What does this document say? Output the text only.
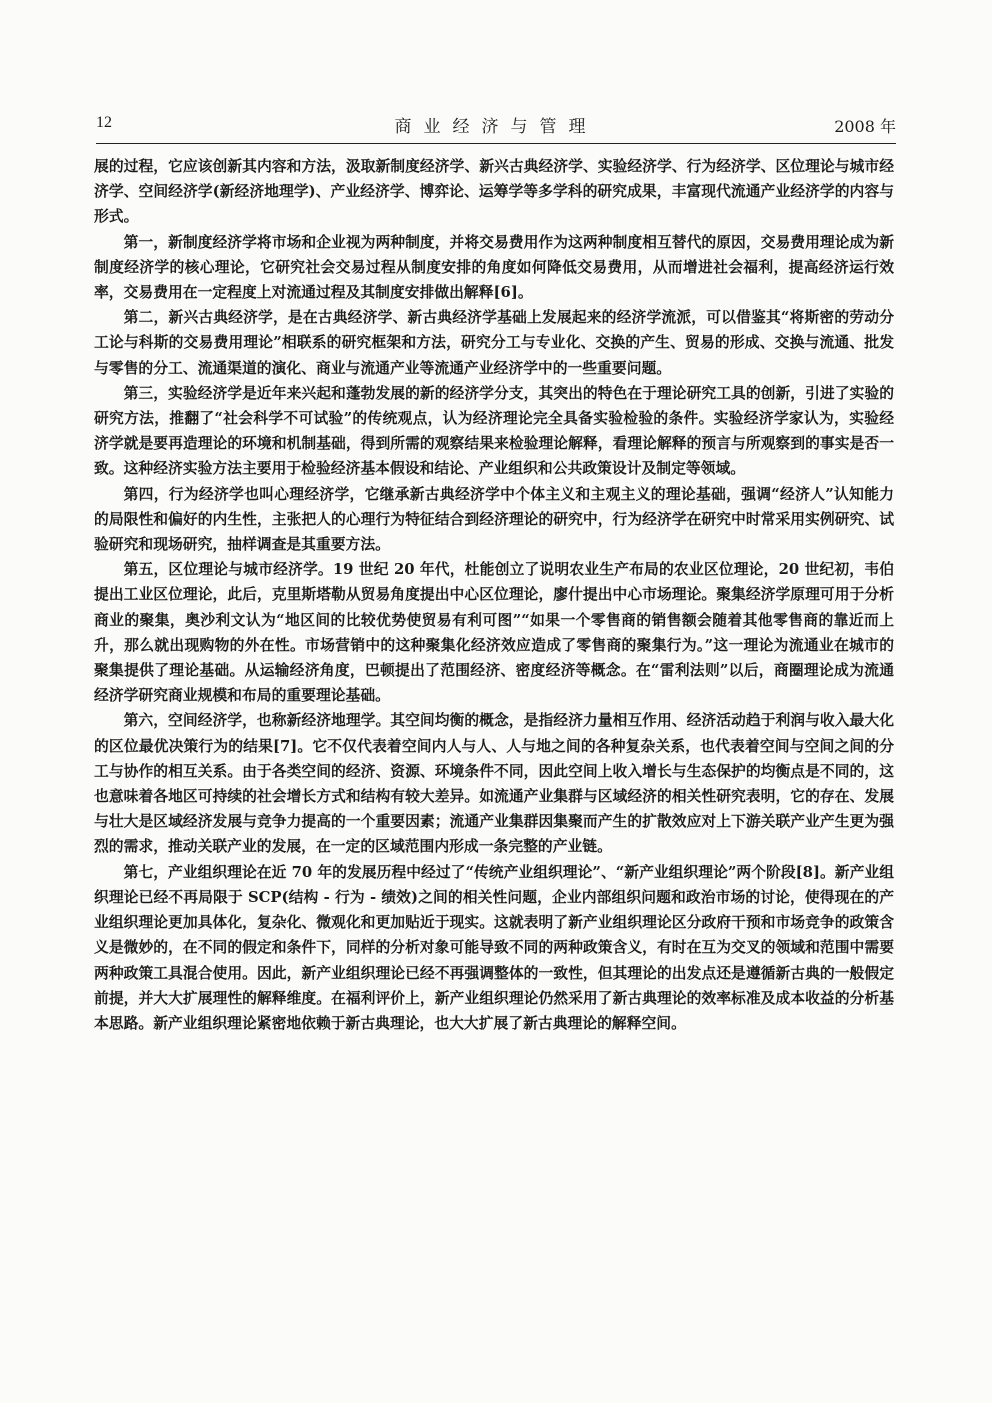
12	商业经济与管理	2008 年

展的过程，它应该创新其内容和方法，汲取新制度经济学、新兴古典经济学、实验经济学、行为经济学、区位理论与城市经济学、空间经济学(新经济地理学)、产业经济学、博弈论、运筹学等多学科的研究成果，丰富现代流通产业经济学的内容与形式。

第一，新制度经济学将市场和企业视为两种制度，并将交易费用作为这两种制度相互替代的原因，交易费用理论成为新制度经济学的核心理论，它研究社会交易过程从制度安排的角度如何降低交易费用，从而增进社会福利，提高经济运行效率，交易费用在一定程度上对流通过程及其制度安排做出解释[6]。

第二，新兴古典经济学，是在古典经济学、新古典经济学基础上发展起来的经济学流派，可以借鉴其“将斯密的劳动分工论与科斯的交易费用理论”相联系的研究框架和方法，研究分工与专业化、交换的产生、贸易的形成、交换与流通、批发与零售的分工、流通渠道的演化、商业与流通产业等流通产业经济学中的一些重要问题。

第三，实验经济学是近年来兴起和蓬勃发展的新的经济学分支，其突出的特色在于理论研究工具的创新，引进了实验的研究方法，推翻了“社会科学不可试验”的传统观点，认为经济理论完全具备实验检验的条件。实验经济学家认为，实验经济学就是要再造理论的环境和机制基础，得到所需的观察结果来检验理论解释，看理论解释的预言与所观察到的事实是否一致。这种经济实验方法主要用于检验经济基本假设和结论、产业组织和公共政策设计及制定等领域。

第四，行为经济学也叫心理经济学，它继承新古典经济学中个体主义和主观主义的理论基础，强调“经济人”认知能力的局限性和偏好的内生性，主张把人的心理行为特征结合到经济理论的研究中，行为经济学在研究中时常采用实例研究、试验研究和现场研究，抽样调查是其重要方法。

第五，区位理论与城市经济学。19 世纪 20 年代，杜能创立了说明农业生产布局的农业区位理论，20 世纪初，韦伯提出工业区位理论，此后，克里斯塔勒从贸易角度提出中心区位理论，廖什提出中心市场理论。聚集经济学原理可用于分析商业的聚集，奥沙利文认为“地区间的比较优势使贸易有利可图”“如果一个零售商的销售额会随着其他零售商的靠近而上升，那么就出现购物的外在性。市场营销中的这种聚集化经济效应造成了零售商的聚集行为。”这一理论为流通业在城市的聚集提供了理论基础。从运输经济角度，巴顿提出了范围经济、密度经济等概念。在“雷利法则”以后，商圈理论成为流通经济学研究商业规模和布局的重要理论基础。

第六，空间经济学，也称新经济地理学。其空间均衡的概念，是指经济力量相互作用、经济活动趋于利润与收入最大化的区位最优决策行为的结果[7]。它不仅代表着空间内人与人、人与地之间的各种复杂关系，也代表着空间与空间之间的分工与协作的相互关系。由于各类空间的经济、资源、环境条件不同，因此空间上收入增长与生态保护的均衡点是不同的，这也意味着各地区可持续的社会增长方式和结构有较大差异。如流通产业集群与区域经济的相关性研究表明，它的存在、发展与壮大是区域经济发展与竞争力提高的一个重要因素；流通产业集群因集聚而产生的扩散效应对上下游关联产业产生更为强烈的需求，推动关联产业的发展，在一定的区域范围内形成一条完整的产业链。

第七，产业组织理论在近 70 年的发展历程中经过了“传统产业组织理论”、“新产业组织理论”两个阶段[8]。新产业组织理论已经不再局限于 SCP(结构 - 行为 - 绩效)之间的相关性问题，企业内部组织问题和政治市场的讨论，使得现在的产业组织理论更加具体化，复杂化、微观化和更加贴近于现实。这就表明了新产业组织理论区分政府干预和市场竞争的政策含义是微妙的，在不同的假定和条件下，同样的分析对象可能导致不同的两种政策含义，有时在互为交叉的领域和范围中需要两种政策工具混合使用。因此，新产业组织理论已经不再强调整体的一致性，但其理论的出发点还是遵循新古典的一般假定前提，并大大扩展理性的解释维度。在福利评价上，新产业组织理论仍然采用了新古典理论的效率标准及成本收益的分析基本思路。新产业组织理论紧密地依赖于新古典理论，也大大扩展了新古典理论的解释空间。
